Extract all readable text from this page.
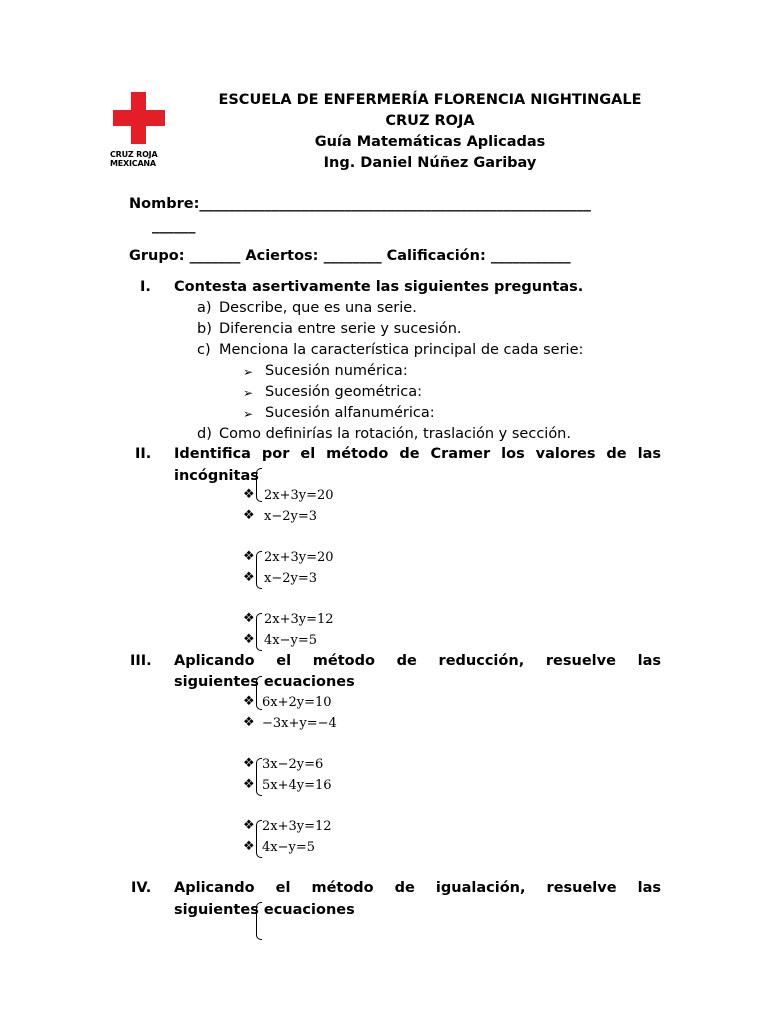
CRUZ ROJA
MEXICANA
ESCUELA DE ENFERMERÍA FLORENCIA NIGHTINGALE
CRUZ ROJA
Guía Matemáticas Aplicadas
Ing. Daniel Núñez Garibay
Nombre:______________________________________________________
______
Grupo: _______ Aciertos: ________ Calificación: ___________
I. Contesta asertivamente las siguientes preguntas.
a) Describe, que es una serie.
b) Diferencia entre serie y sucesión.
c) Menciona la característica principal de cada serie:
➢ Sucesión numérica:
➢ Sucesión geométrica:
➢ Sucesión alfanumérica:
d) Como definirías la rotación, traslación y sección.
II. Identifica por el método de Cramer los valores de las
incógnitas
❖ 2x+3y=20
❖ x−2y=3
❖ 2x+3y=20
❖ x−2y=3
❖ 2x+3y=12
❖ 4x−y=5
III. Aplicando el método de reducción, resuelve las
siguientes ecuaciones
❖ 6x+2y=10
❖ −3x+y=−4
❖ 3x−2y=6
❖ 5x+4y=16
❖ 2x+3y=12
❖ 4x−y=5
IV. Aplicando el método de igualación, resuelve las
siguientes ecuaciones
